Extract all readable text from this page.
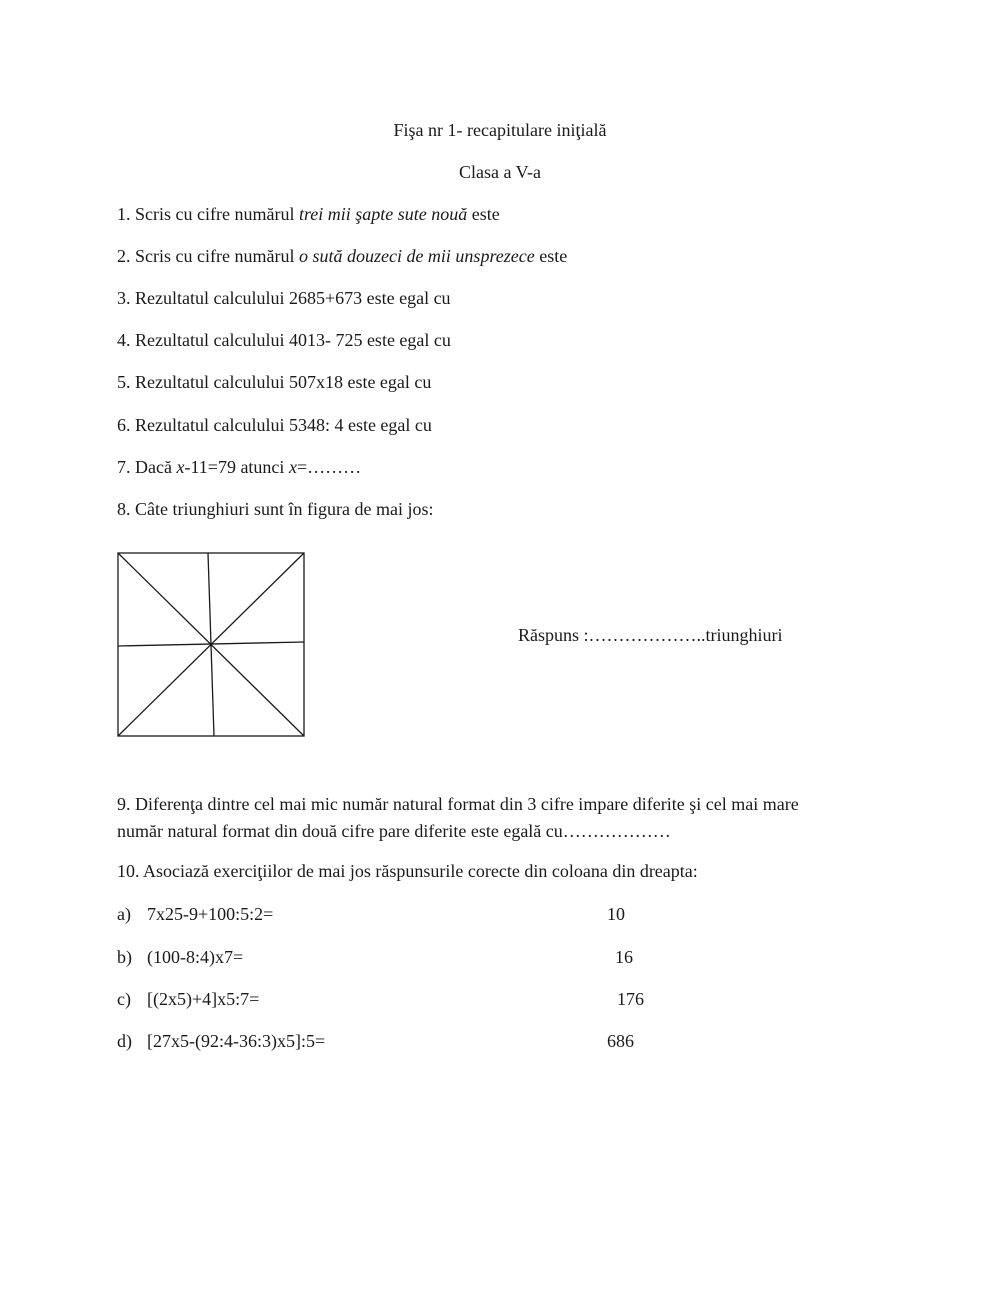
Fişa nr 1- recapitulare iniţială
Clasa a V-a
1. Scris cu cifre numărul trei mii şapte sute nouă este
2. Scris cu cifre numărul o sută douzeci de mii unsprezece este
3. Rezultatul calculului 2685+673 este egal cu
4. Rezultatul calculului 4013- 725 este egal cu
5. Rezultatul calculului 507x18 este egal cu
6. Rezultatul calculului 5348: 4 este egal cu
7. Dacă x-11=79 atunci x=………
8. Câte triunghiuri sunt în figura de mai jos:
Răspuns :………………..triunghiuri
9. Diferenţa dintre cel mai mic număr natural format din 3 cifre impare diferite şi cel mai mare
număr natural format din două cifre pare diferite este egală cu………………
10. Asociază exerciţiilor de mai jos răspunsurile corecte din coloana din dreapta:
a) 7x25-9+100:5:2=	10
b) (100-8:4)x7=	16
c) [(2x5)+4]x5:7=	176
d) [27x5-(92:4-36:3)x5]:5=	686
